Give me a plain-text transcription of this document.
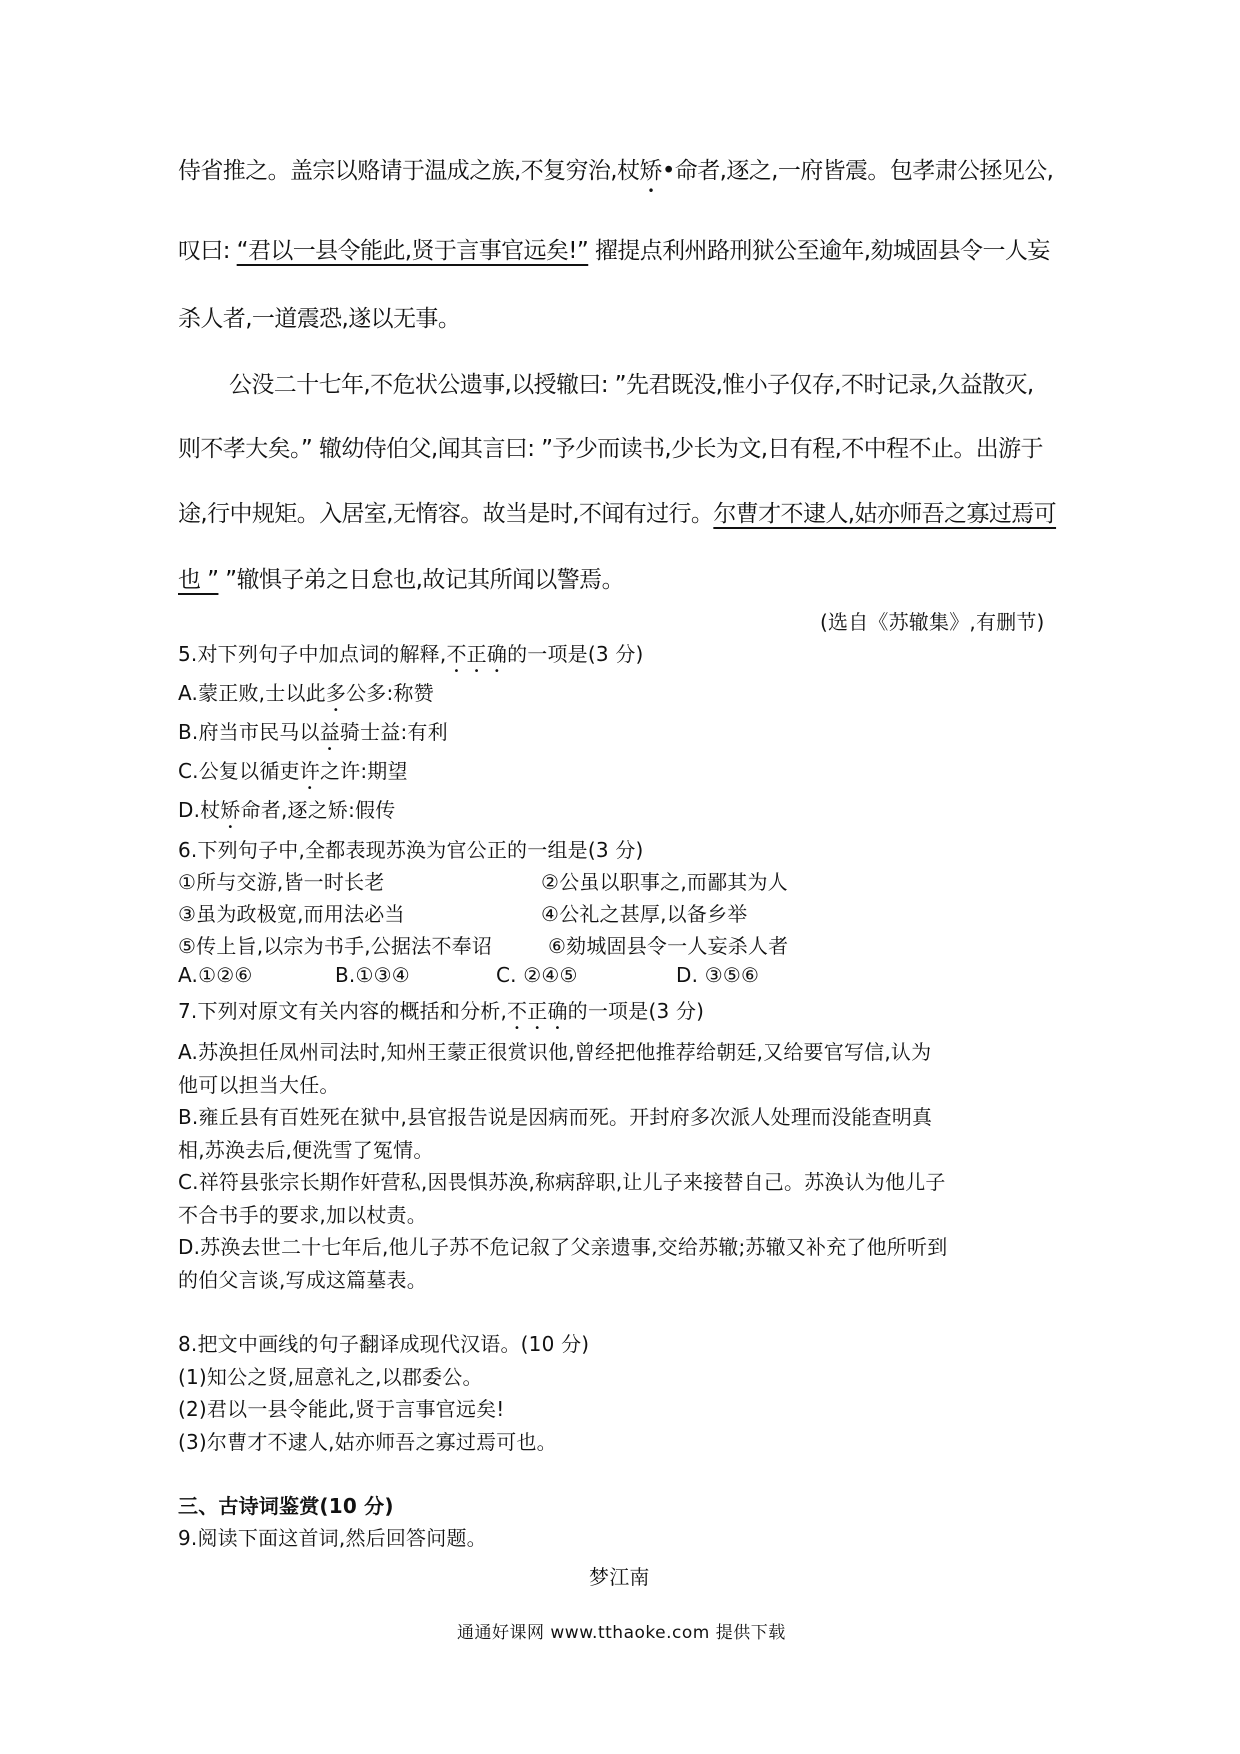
侍省推之。盖宗以赂请于温成之族,不复穷治,杖矫•命者,逐之,一府皆震。包孝肃公拯见公,
叹曰: “君以一县令能此,贤于言事官远矣!” 擢提点利州路刑狱公至逾年,劾城固县令一人妄
杀人者,一道震恐,遂以无事。
公没二十七年,不危状公遗事,以授辙曰: ”先君既没,惟小子仅存,不时记录,久益散灭,
则不孝大矣。” 辙幼侍伯父,闻其言曰: ”予少而读书,少长为文,日有程,不中程不止。出游于
途,行中规矩。入居室,无惰容。故当是时,不闻有过行。尔曹才不逮人,姑亦师吾之寡过焉可
也 ” ”辙惧子弟之日怠也,故记其所闻以警焉。
(选自《苏辙集》,有删节)
5.对下列句子中加点词的解释,不正确的一项是(3 分)
A.蒙正败,士以此多公多:称赞
B.府当市民马以益骑士益:有利
C.公复以循吏许之许:期望
D.杖矫命者,逐之矫:假传
6.下列句子中,全都表现苏涣为官公正的一组是(3 分)
①所与交游,皆一时长老	②公虽以职事之,而鄙其为人
③虽为政极宽,而用法必当	④公礼之甚厚,以备乡举
⑤传上旨,以宗为书手,公据法不奉诏	⑥劾城固县令一人妄杀人者
A.①②⑥	B.①③④	C. ②④⑤	D. ③⑤⑥
7.下列对原文有关内容的概括和分析,不正确的一项是(3 分)
A.苏涣担任凤州司法时,知州王蒙正很赏识他,曾经把他推荐给朝廷,又给要官写信,认为
他可以担当大任。
B.雍丘县有百姓死在狱中,县官报告说是因病而死。开封府多次派人处理而没能查明真
相,苏涣去后,便洗雪了冤情。
C.祥符县张宗长期作奸营私,因畏惧苏涣,称病辞职,让儿子来接替自己。苏涣认为他儿子
不合书手的要求,加以杖责。
D.苏涣去世二十七年后,他儿子苏不危记叙了父亲遗事,交给苏辙;苏辙又补充了他所听到
的伯父言谈,写成这篇墓表。
8.把文中画线的句子翻译成现代汉语。(10 分)
(1)知公之贤,屈意礼之,以郡委公。
(2)君以一县令能此,贤于言事官远矣!
(3)尔曹才不逮人,姑亦师吾之寡过焉可也。
三、古诗词鉴赏(10 分)
9.阅读下面这首词,然后回答问题。
梦江南
通通好课网 www.tthaoke.com 提供下载
